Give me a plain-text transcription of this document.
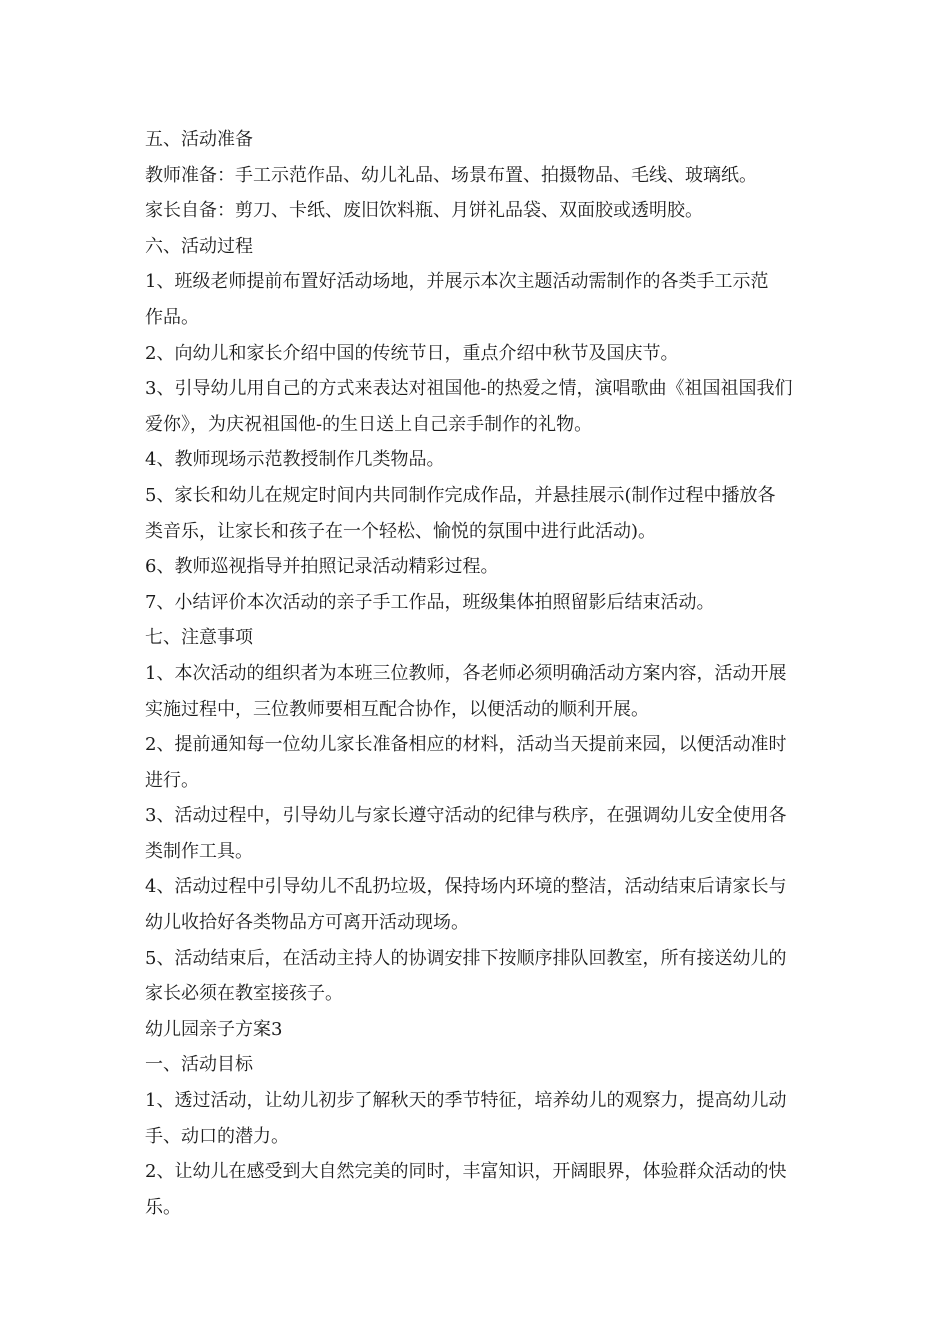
五、活动准备

教师准备：手工示范作品、幼儿礼品、场景布置、拍摄物品、毛线、玻璃纸。

家长自备：剪刀、卡纸、废旧饮料瓶、月饼礼品袋、双面胶或透明胶。

六、活动过程

1、班级老师提前布置好活动场地，并展示本次主题活动需制作的各类手工示范

作品。

2、向幼儿和家长介绍中国的传统节日，重点介绍中秋节及国庆节。

3、引导幼儿用自己的方式来表达对祖国他-的热爱之情，演唱歌曲《祖国祖国我们

爱你》，为庆祝祖国他-的生日送上自己亲手制作的礼物。

4、教师现场示范教授制作几类物品。

5、家长和幼儿在规定时间内共同制作完成作品，并悬挂展示(制作过程中播放各

类音乐，让家长和孩子在一个轻松、愉悦的氛围中进行此活动)。

6、教师巡视指导并拍照记录活动精彩过程。

7、小结评价本次活动的亲子手工作品，班级集体拍照留影后结束活动。

七、注意事项

1、本次活动的组织者为本班三位教师，各老师必须明确活动方案内容，活动开展

实施过程中，三位教师要相互配合协作，以便活动的顺利开展。

2、提前通知每一位幼儿家长准备相应的材料，活动当天提前来园，以便活动准时

进行。

3、活动过程中，引导幼儿与家长遵守活动的纪律与秩序，在强调幼儿安全使用各

类制作工具。

4、活动过程中引导幼儿不乱扔垃圾，保持场内环境的整洁，活动结束后请家长与

幼儿收拾好各类物品方可离开活动现场。

5、活动结束后，在活动主持人的协调安排下按顺序排队回教室，所有接送幼儿的

家长必须在教室接孩子。

幼儿园亲子方案3

一、活动目标

1、透过活动，让幼儿初步了解秋天的季节特征，培养幼儿的观察力，提高幼儿动

手、动口的潜力。

2、让幼儿在感受到大自然完美的同时，丰富知识，开阔眼界，体验群众活动的快

乐。
